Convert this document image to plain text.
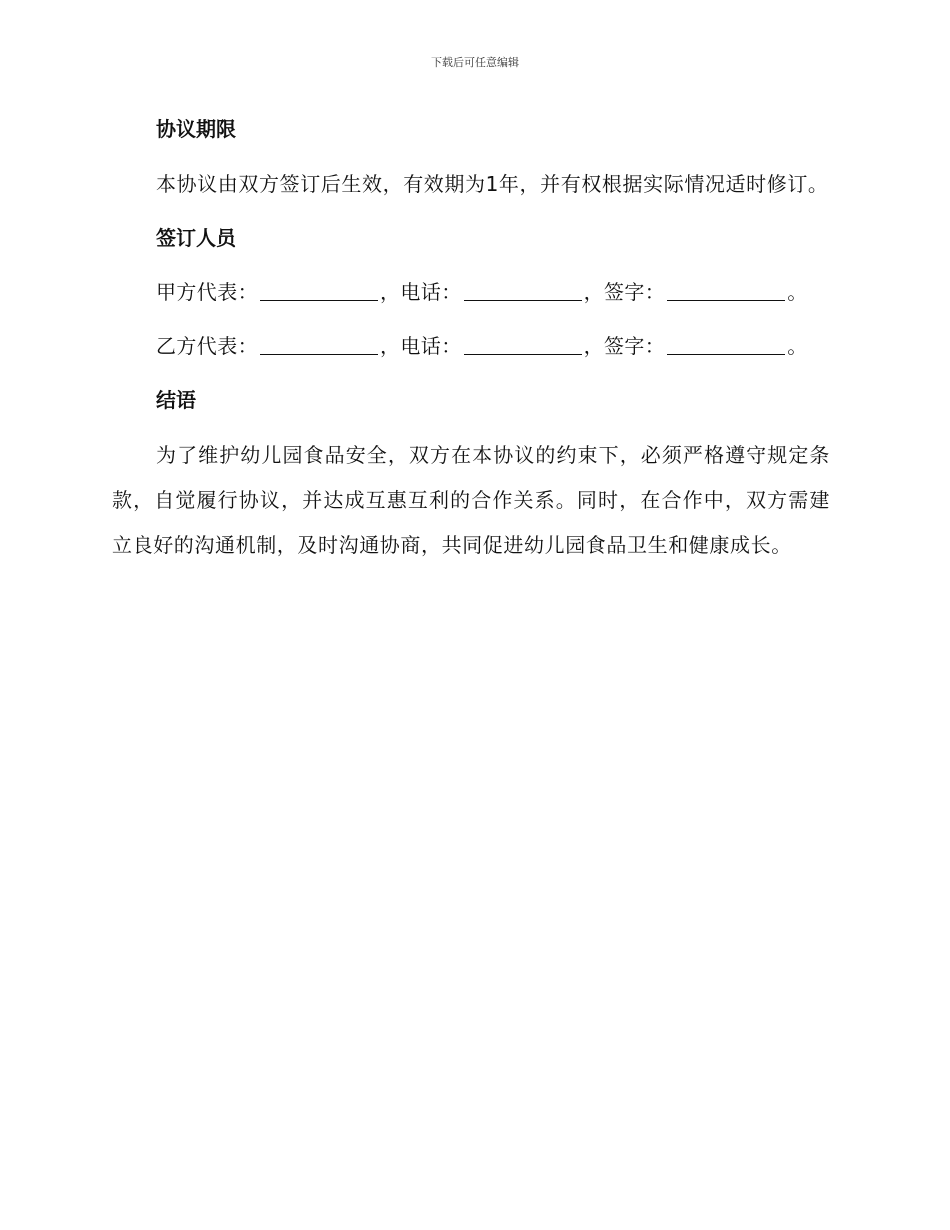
下载后可任意编辑

协议期限

本协议由双方签订后生效，有效期为1年，并有权根据实际情况适时修订。

签订人员

甲方代表：	，电话：	，签字：	。

乙方代表：	，电话：	，签字：	。

结语

为了维护幼儿园食品安全，双方在本协议的约束下，必须严格遵守规定条款，自觉履行协议，并达成互惠互利的合作关系。同时，在合作中，双方需建立良好的沟通机制，及时沟通协商，共同促进幼儿园食品卫生和健康成长。
